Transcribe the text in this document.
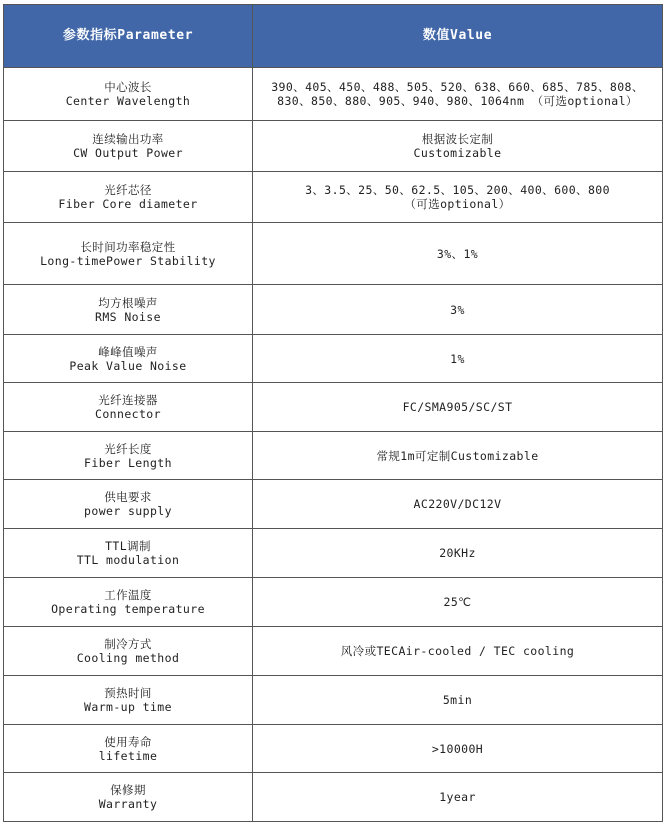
参数指标Parameter	数值Value

中心波长
Center Wavelength	390、405、450、488、505、520、638、660、685、785、808、
830、850、880、905、940、980、1064nm （可选optional）

连续输出功率
CW Output Power	根据波长定制
Customizable

光纤芯径
Fiber Core diameter	3、3.5、25、50、62.5、105、200、400、600、800
（可选optional）

长时间功率稳定性
Long-timePower Stability	3%、1%

均方根噪声
RMS Noise	3%

峰峰值噪声
Peak Value Noise	1%

光纤连接器
Connector	FC/SMA905/SC/ST

光纤长度
Fiber Length	常规1m可定制Customizable

供电要求
power supply	AC220V/DC12V

TTL调制
TTL modulation	20KHz

工作温度
Operating temperature	25℃

制冷方式
Cooling method	风冷或TECAir-cooled / TEC cooling

预热时间
Warm-up time	5min

使用寿命
lifetime	>10000H

保修期
Warranty	1year
